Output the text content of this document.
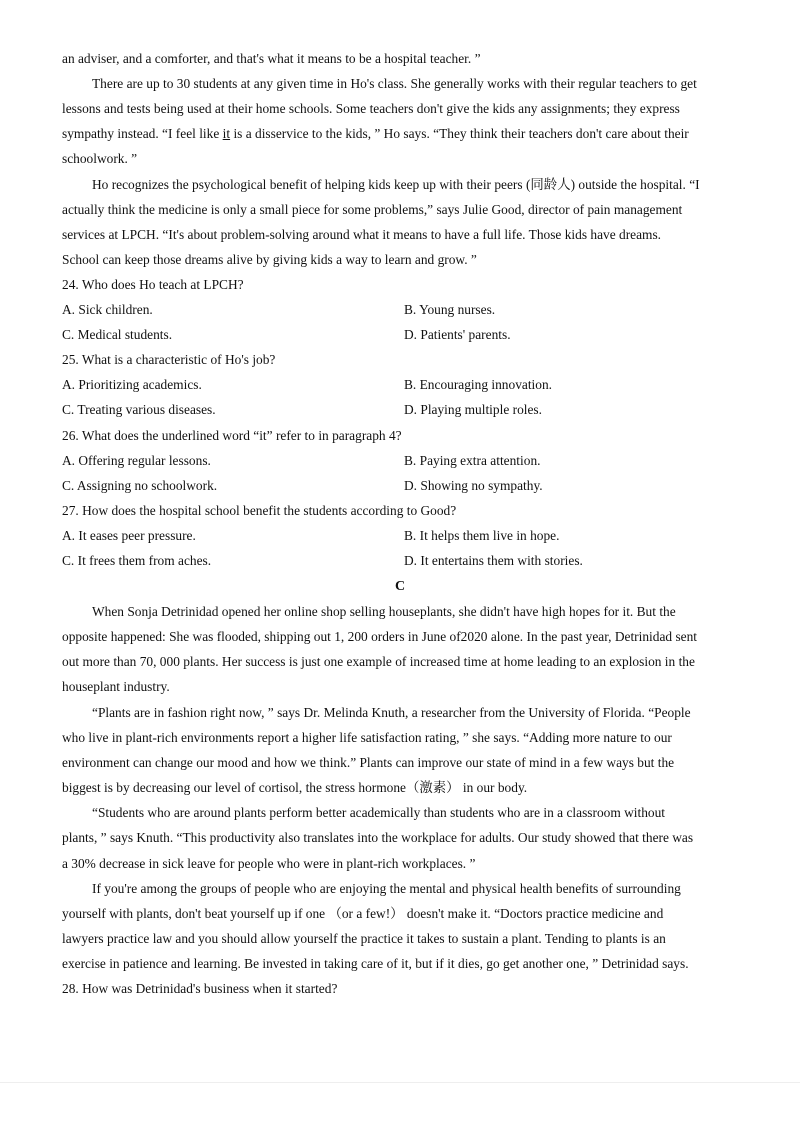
an adviser, and a comforter, and that's what it means to be a hospital teacher. ”
There are up to 30 students at any given time in Ho's class. She generally works with their regular teachers to get
lessons and tests being used at their home schools. Some teachers don't give the kids any assignments; they express
sympathy instead. “I feel like it is a disservice to the kids, ” Ho says. “They think their teachers don't care about their
schoolwork. ”
Ho recognizes the psychological benefit of helping kids keep up with their peers (同龄人) outside the hospital. “I
actually think the medicine is only a small piece for some problems,” says Julie Good, director of pain management
services at LPCH. “It's about problem-solving around what it means to have a full life. Those kids have dreams.
School can keep those dreams alive by giving kids a way to learn and grow. ”
24. Who does Ho teach at LPCH?
A. Sick children.	B. Young nurses.
C. Medical students.	D. Patients' parents.
25. What is a characteristic of Ho's job?
A. Prioritizing academics.	B. Encouraging innovation.
C. Treating various diseases.	D. Playing multiple roles.
26. What does the underlined word “it” refer to in paragraph 4?
A. Offering regular lessons.	B. Paying extra attention.
C. Assigning no schoolwork.	D. Showing no sympathy.
27. How does the hospital school benefit the students according to Good?
A. It eases peer pressure.	B. It helps them live in hope.
C. It frees them from aches.	D. It entertains them with stories.
C
When Sonja Detrinidad opened her online shop selling houseplants, she didn't have high hopes for it. But the
opposite happened: She was flooded, shipping out 1, 200 orders in June of2020 alone. In the past year, Detrinidad sent
out more than 70, 000 plants. Her success is just one example of increased time at home leading to an explosion in the
houseplant industry.
“Plants are in fashion right now, ” says Dr. Melinda Knuth, a researcher from the University of Florida. “People
who live in plant-rich environments report a higher life satisfaction rating, ” she says. “Adding more nature to our
environment can change our mood and how we think.” Plants can improve our state of mind in a few ways but the
biggest is by decreasing our level of cortisol, the stress hormone（激素） in our body.
“Students who are around plants perform better academically than students who are in a classroom without
plants, ” says Knuth. “This productivity also translates into the workplace for adults. Our study showed that there was
a 30% decrease in sick leave for people who were in plant-rich workplaces. ”
If you're among the groups of people who are enjoying the mental and physical health benefits of surrounding
yourself with plants, don't beat yourself up if one （or a few!） doesn't make it. “Doctors practice medicine and
lawyers practice law and you should allow yourself the practice it takes to sustain a plant. Tending to plants is an
exercise in patience and learning. Be invested in taking care of it, but if it dies, go get another one, ” Detrinidad says.
28. How was Detrinidad's business when it started?
